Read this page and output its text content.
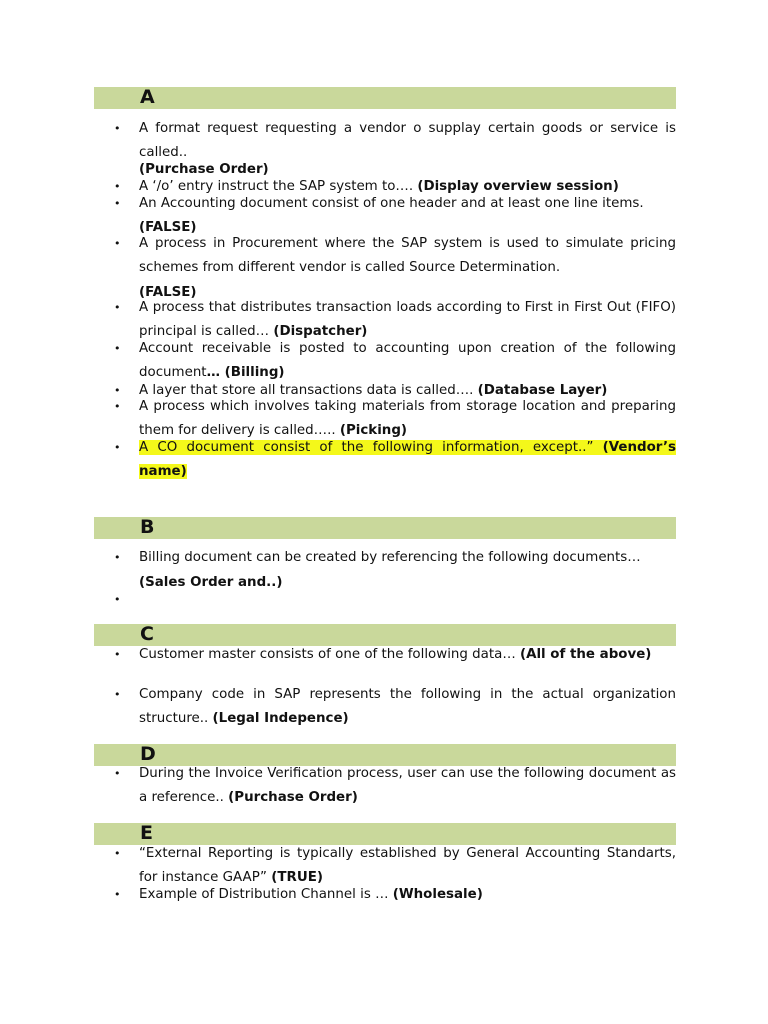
A
• A format request requesting a vendor o supplay certain goods or service is called..
(Purchase Order)
• A ‘/o’ entry instruct the SAP system to…. (Display overview session)
• An Accounting document consist of one header and at least one line items.
(FALSE)
• A process in Procurement where the SAP system is used to simulate pricing schemes from different vendor is called Source Determination.
(FALSE)
• A process that distributes transaction loads according to First in First Out (FIFO) principal is called… (Dispatcher)
• Account receivable is posted to accounting upon creation of the following document… (Billing)
• A layer that store all transactions data is called…. (Database Layer)
• A process which involves taking materials from storage location and preparing them for delivery is called….. (Picking)
• A CO document consist of the following information, except..” (Vendor’s name)
B
• Billing document can be created by referencing the following documents…
(Sales Order and..)
•
C
• Customer master consists of one of the following data… (All of the above)
• Company code in SAP represents the following in the actual organization structure.. (Legal Indepence)
D
• During the Invoice Verification process, user can use the following document as a reference.. (Purchase Order)
E
• “External Reporting is typically established by General Accounting Standarts, for instance GAAP” (TRUE)
• Example of Distribution Channel is … (Wholesale)
